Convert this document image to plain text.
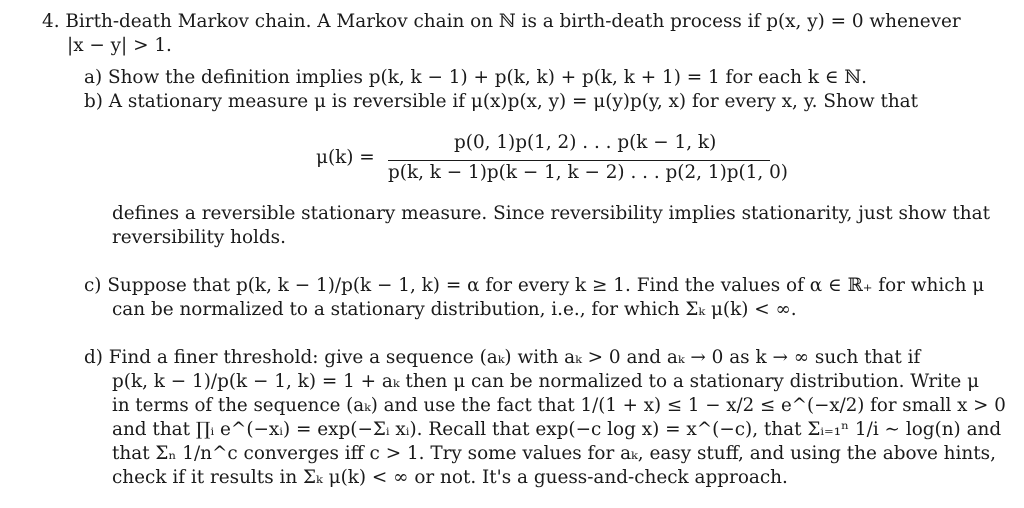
4. Birth-death Markov chain. A Markov chain on ℕ is a birth-death process if p(x, y) = 0 whenever
|x − y| > 1.
a) Show the definition implies p(k, k − 1) + p(k, k) + p(k, k + 1) = 1 for each k ∈ ℕ.
b) A stationary measure μ is reversible if μ(x)p(x, y) = μ(y)p(y, x) for every x, y. Show that
μ(k) =
p(0, 1)p(1, 2) . . . p(k − 1, k)
p(k, k − 1)p(k − 1, k − 2) . . . p(2, 1)p(1, 0)
defines a reversible stationary measure. Since reversibility implies stationarity, just show that
reversibility holds.
c) Suppose that p(k, k − 1)/p(k − 1, k) = α for every k ≥ 1. Find the values of α ∈ ℝ₊ for which μ
can be normalized to a stationary distribution, i.e., for which Σₖ μ(k) < ∞.
d) Find a finer threshold: give a sequence (aₖ) with aₖ > 0 and aₖ → 0 as k → ∞ such that if
p(k, k − 1)/p(k − 1, k) = 1 + aₖ then μ can be normalized to a stationary distribution. Write μ
in terms of the sequence (aₖ) and use the fact that 1/(1 + x) ≤ 1 − x/2 ≤ e^(−x/2) for small x > 0
and that ∏ᵢ e^(−xᵢ) = exp(−Σᵢ xᵢ). Recall that exp(−c log x) = x^(−c), that Σᵢ₌₁ⁿ 1/i ∼ log(n) and
that Σₙ 1/n^c converges iff c > 1. Try some values for aₖ, easy stuff, and using the above hints,
check if it results in Σₖ μ(k) < ∞ or not. It's a guess-and-check approach.
